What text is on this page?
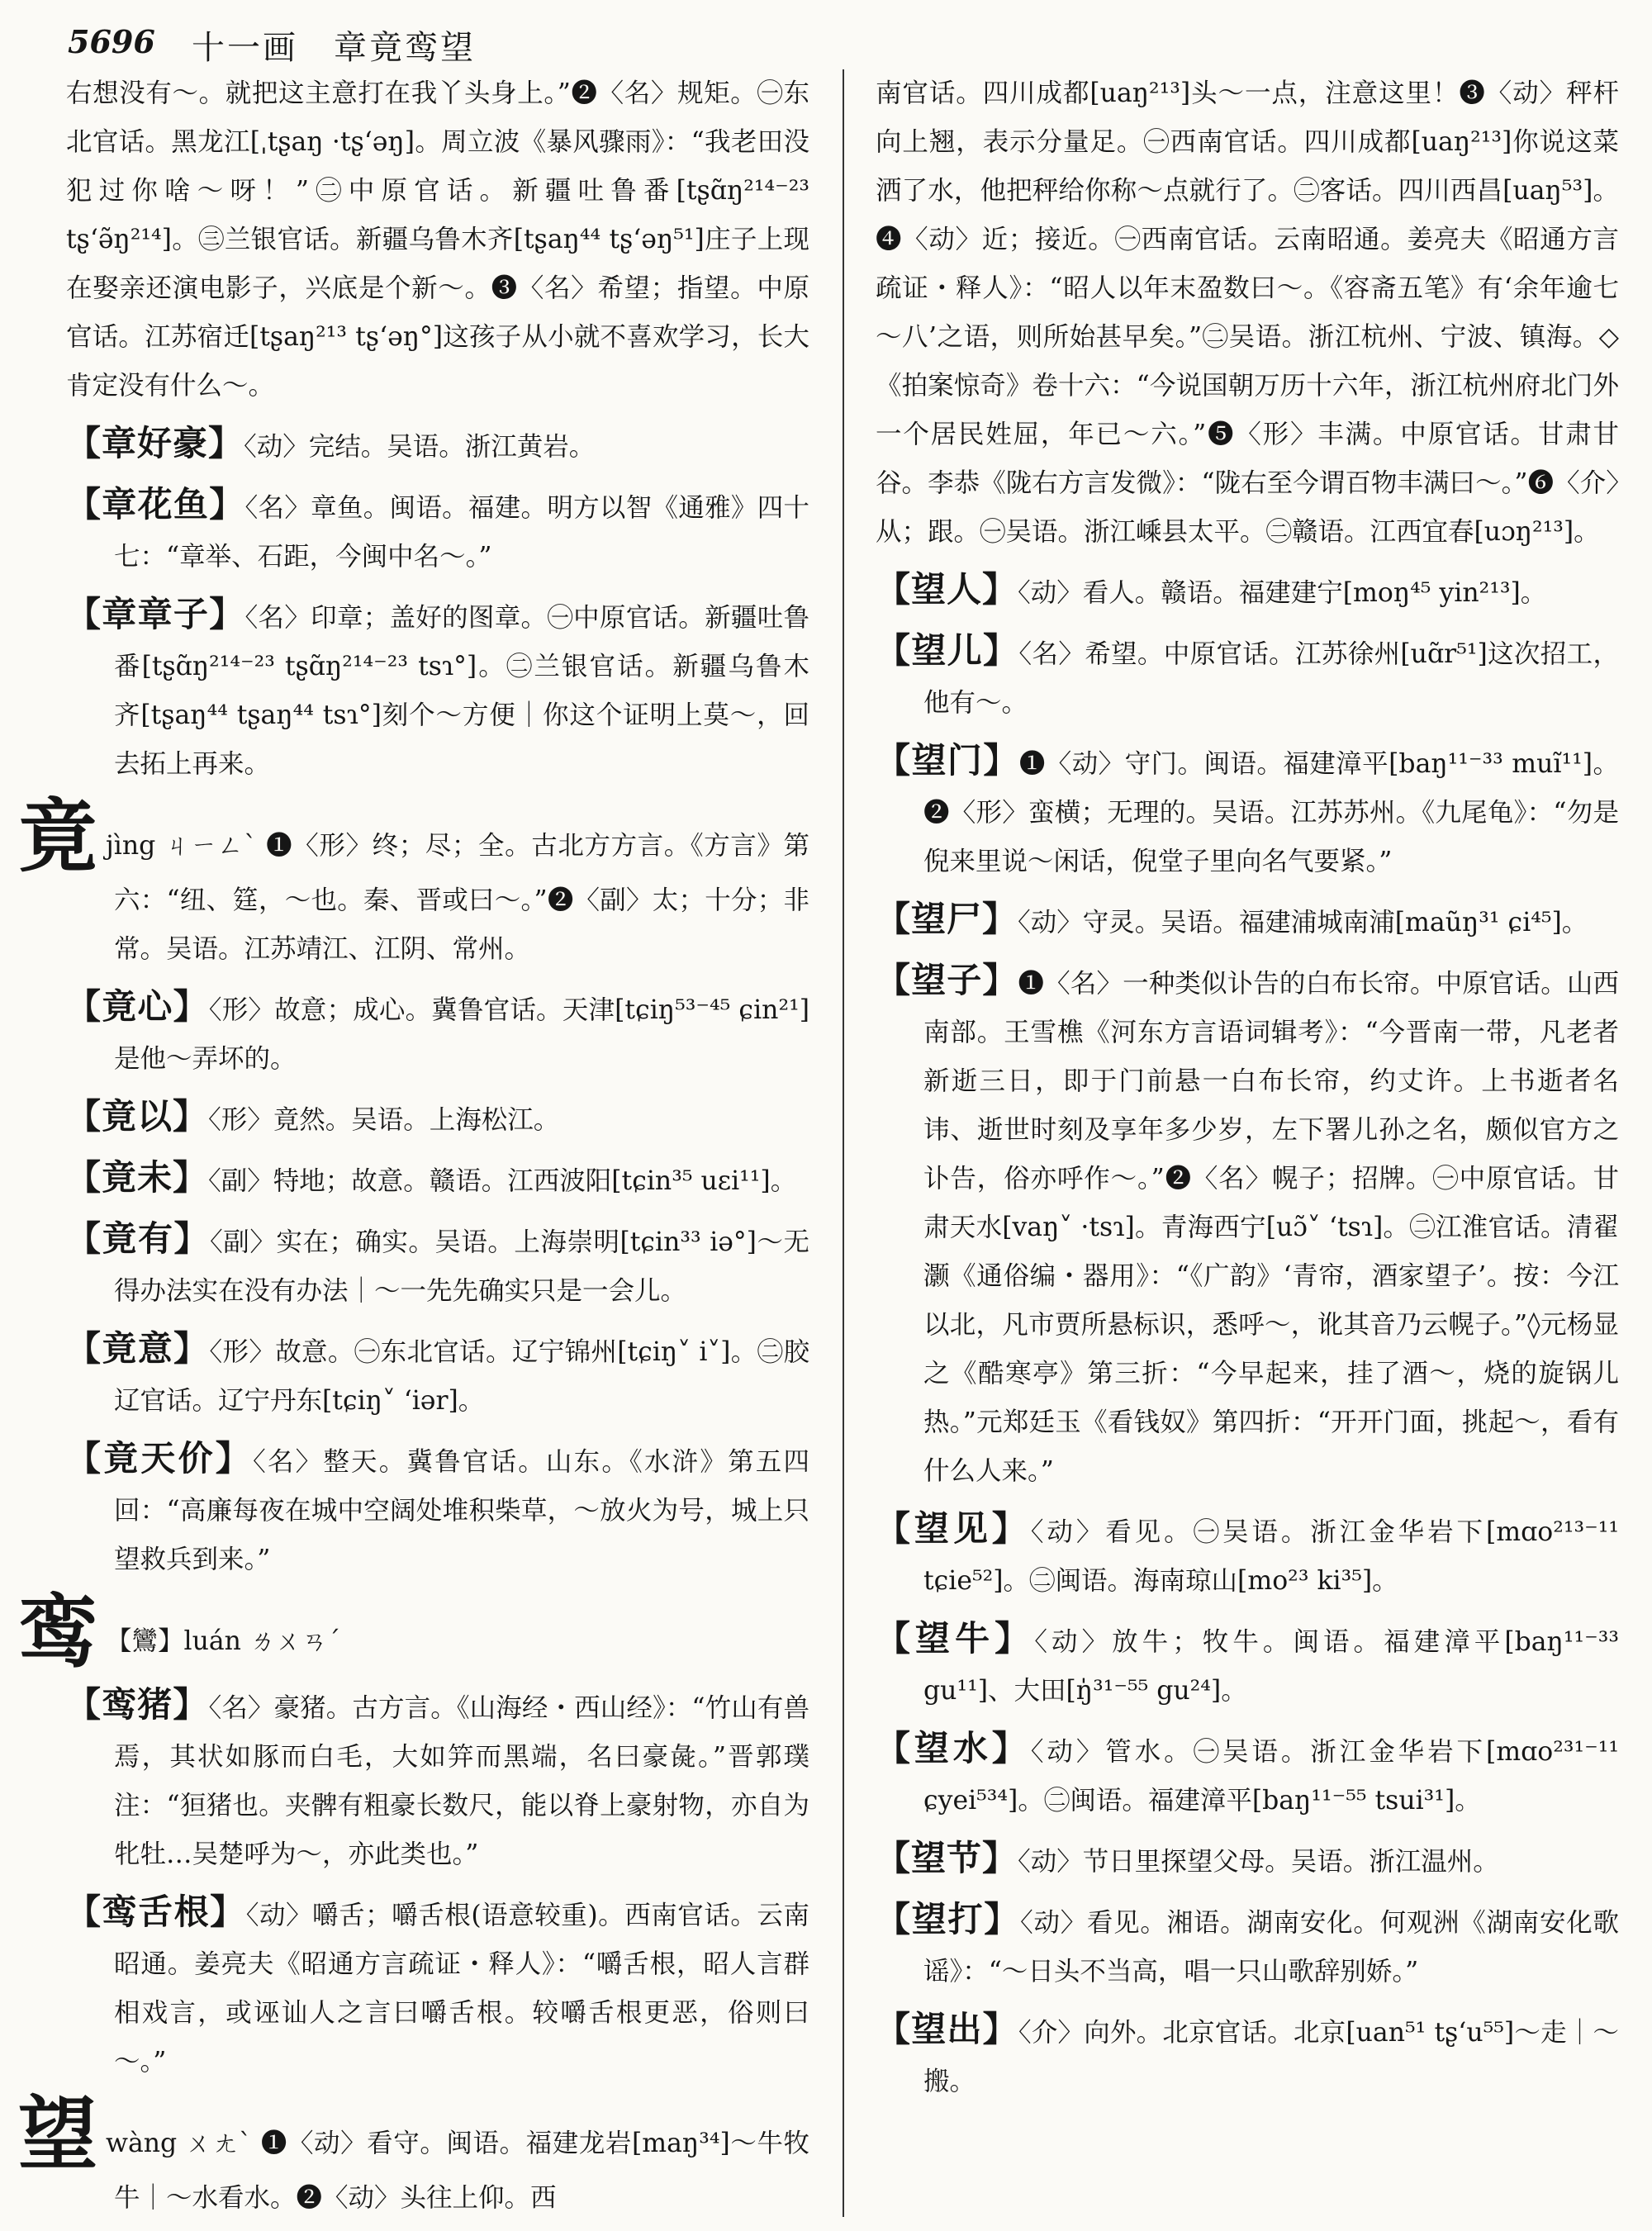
5696 十一画　章竟鸾望

右想没有～。就把这主意打在我丫头身上。”❷〈名〉规矩。㊀东北官话。黑龙江[ˌtʂaŋ ·tʂ‘əŋ]。周立波《暴风骤雨》：“我老田没犯过你啥～呀！”㊁中原官话。新疆吐鲁番[tʂɑ̃ŋ²¹⁴⁻²³ tʂ‘ə̃ŋ²¹⁴]。㊂兰银官话。新疆乌鲁木齐[tʂaŋ⁴⁴ tʂ‘əŋ⁵¹]庄子上现在娶亲还演电影子，兴底是个新～。❸〈名〉希望；指望。中原官话。江苏宿迁[tʂaŋ²¹³ tʂ‘əŋ°]这孩子从小就不喜欢学习，长大肯定没有什么～。

【章好豪】〈动〉完结。吴语。浙江黄岩。

【章花鱼】〈名〉章鱼。闽语。福建。明方以智《通雅》四十七：“章举、石距，今闽中名～。”

【章章子】〈名〉印章；盖好的图章。㊀中原官话。新疆吐鲁番[tʂɑ̃ŋ²¹⁴⁻²³ tʂɑ̃ŋ²¹⁴⁻²³ tsɿ°]。㊁兰银官话。新疆乌鲁木齐[tʂaŋ⁴⁴ tʂaŋ⁴⁴ tsɿ°]刻个～方便｜你这个证明上莫～，回去拓上再来。

竟jìng ㄐㄧㄥˋ ❶〈形〉终；尽；全。古北方方言。《方言》第六：“纽、筳，～也。秦、晋或曰～。”❷〈副〉太；十分；非常。吴语。江苏靖江、江阴、常州。

【竟心】〈形〉故意；成心。冀鲁官话。天津[tɕiŋ⁵³⁻⁴⁵ ɕin²¹]是他～弄坏的。

【竟以】〈形〉竟然。吴语。上海松江。

【竟未】〈副〉特地；故意。赣语。江西波阳[tɕin³⁵ uɛi¹¹]。

【竟有】〈副〉实在；确实。吴语。上海崇明[tɕin³³ iə°]～无得办法实在没有办法｜～一先先确实只是一会儿。

【竟意】〈形〉故意。㊀东北官话。辽宁锦州[tɕiŋ˅ i˅]。㊁胶辽官话。辽宁丹东[tɕiŋ˅ ‘iər]。

【竟天价】〈名〉整天。冀鲁官话。山东。《水浒》第五四回：“高廉每夜在城中空阔处堆积柴草，～放火为号，城上只望救兵到来。”

鸾 【鸞】luán ㄌㄨㄢˊ

【鸾猪】〈名〉豪猪。古方言。《山海经・西山经》：“竹山有兽焉，其状如豚而白毛，大如笄而黑端，名曰豪彘。”晋郭璞注：“狟猪也。夹髀有粗豪长数尺，能以脊上豪射物，亦自为牝牡…吴楚呼为～，亦此类也。”

【鸾舌根】〈动〉嚼舌；嚼舌根(语意较重)。西南官话。云南昭通。姜亮夫《昭通方言疏证・释人》：“嚼舌根，昭人言群相戏言，或诬讪人之言曰嚼舌根。较嚼舌根更恶，俗则曰～。”

望wàng ㄨㄤˋ ❶〈动〉看守。闽语。福建龙岩[maŋ³⁴]～牛牧牛｜～水看水。❷〈动〉头往上仰。西

南官话。四川成都[uaŋ²¹³]头～一点，注意这里！❸〈动〉秤杆向上翘，表示分量足。㊀西南官话。四川成都[uaŋ²¹³]你说这菜洒了水，他把秤给你称～点就行了。㊁客话。四川西昌[uaŋ⁵³]。❹〈动〉近；接近。㊀西南官话。云南昭通。姜亮夫《昭通方言疏证・释人》：“昭人以年末盈数曰～。《容斋五笔》有‘余年逾七～八’之语，则所始甚早矣。”㊁吴语。浙江杭州、宁波、镇海。◇《拍案惊奇》卷十六：“今说国朝万历十六年，浙江杭州府北门外一个居民姓屈，年已～六。”❺〈形〉丰满。中原官话。甘肃甘谷。李恭《陇右方言发微》：“陇右至今谓百物丰满曰～。”❻〈介〉从；跟。㊀吴语。浙江嵊县太平。㊁赣语。江西宜春[uɔŋ²¹³]。

【望人】〈动〉看人。赣语。福建建宁[moŋ⁴⁵ yin²¹³]。

【望儿】〈名〉希望。中原官话。江苏徐州[uɑ̃r⁵¹]这次招工，他有～。

【望门】❶〈动〉守门。闽语。福建漳平[baŋ¹¹⁻³³ muĩ¹¹]。❷〈形〉蛮横；无理的。吴语。江苏苏州。《九尾龟》：“勿是倪来里说～闲话，倪堂子里向名气要紧。”

【望尸】〈动〉守灵。吴语。福建浦城南浦[maũŋ³¹ ɕi⁴⁵]。

【望子】❶〈名〉一种类似讣告的白布长帘。中原官话。山西南部。王雪樵《河东方言语词辑考》：“今晋南一带，凡老者新逝三日，即于门前悬一白布长帘，约丈许。上书逝者名讳、逝世时刻及享年多少岁，左下署儿孙之名，颇似官方之讣告，俗亦呼作～。”❷〈名〉幌子；招牌。㊀中原官话。甘肃天水[vaŋ˅ ·tsɿ]。青海西宁[uɔ̃˅ ‘tsɿ]。㊁江淮官话。清翟灏《通俗编・器用》：“《广韵》‘青帘，酒家望子’。按：今江以北，凡市贾所悬标识，悉呼～，讹其音乃云幌子。”◊元杨显之《酷寒亭》第三折：“今早起来，挂了酒～，烧的旋锅儿热。”元郑廷玉《看钱奴》第四折：“开开门面，挑起～，看有什么人来。”

【望见】〈动〉看见。㊀吴语。浙江金华岩下[mɑo²¹³⁻¹¹ tɕie⁵²]。㊁闽语。海南琼山[mo²³ ki³⁵]。

【望牛】〈动〉放牛；牧牛。闽语。福建漳平[baŋ¹¹⁻³³ gu¹¹]、大田[ŋ̍³¹⁻⁵⁵ gu²⁴]。

【望水】〈动〉管水。㊀吴语。浙江金华岩下[mɑo²³¹⁻¹¹ ɕyei⁵³⁴]。㊁闽语。福建漳平[baŋ¹¹⁻⁵⁵ tsui³¹]。

【望节】〈动〉节日里探望父母。吴语。浙江温州。

【望打】〈动〉看见。湘语。湖南安化。何观洲《湖南安化歌谣》：“～日头不当高，唱一只山歌辞别娇。”

【望出】〈介〉向外。北京官话。北京[uan⁵¹ tʂ‘u⁵⁵]～走｜～搬。
